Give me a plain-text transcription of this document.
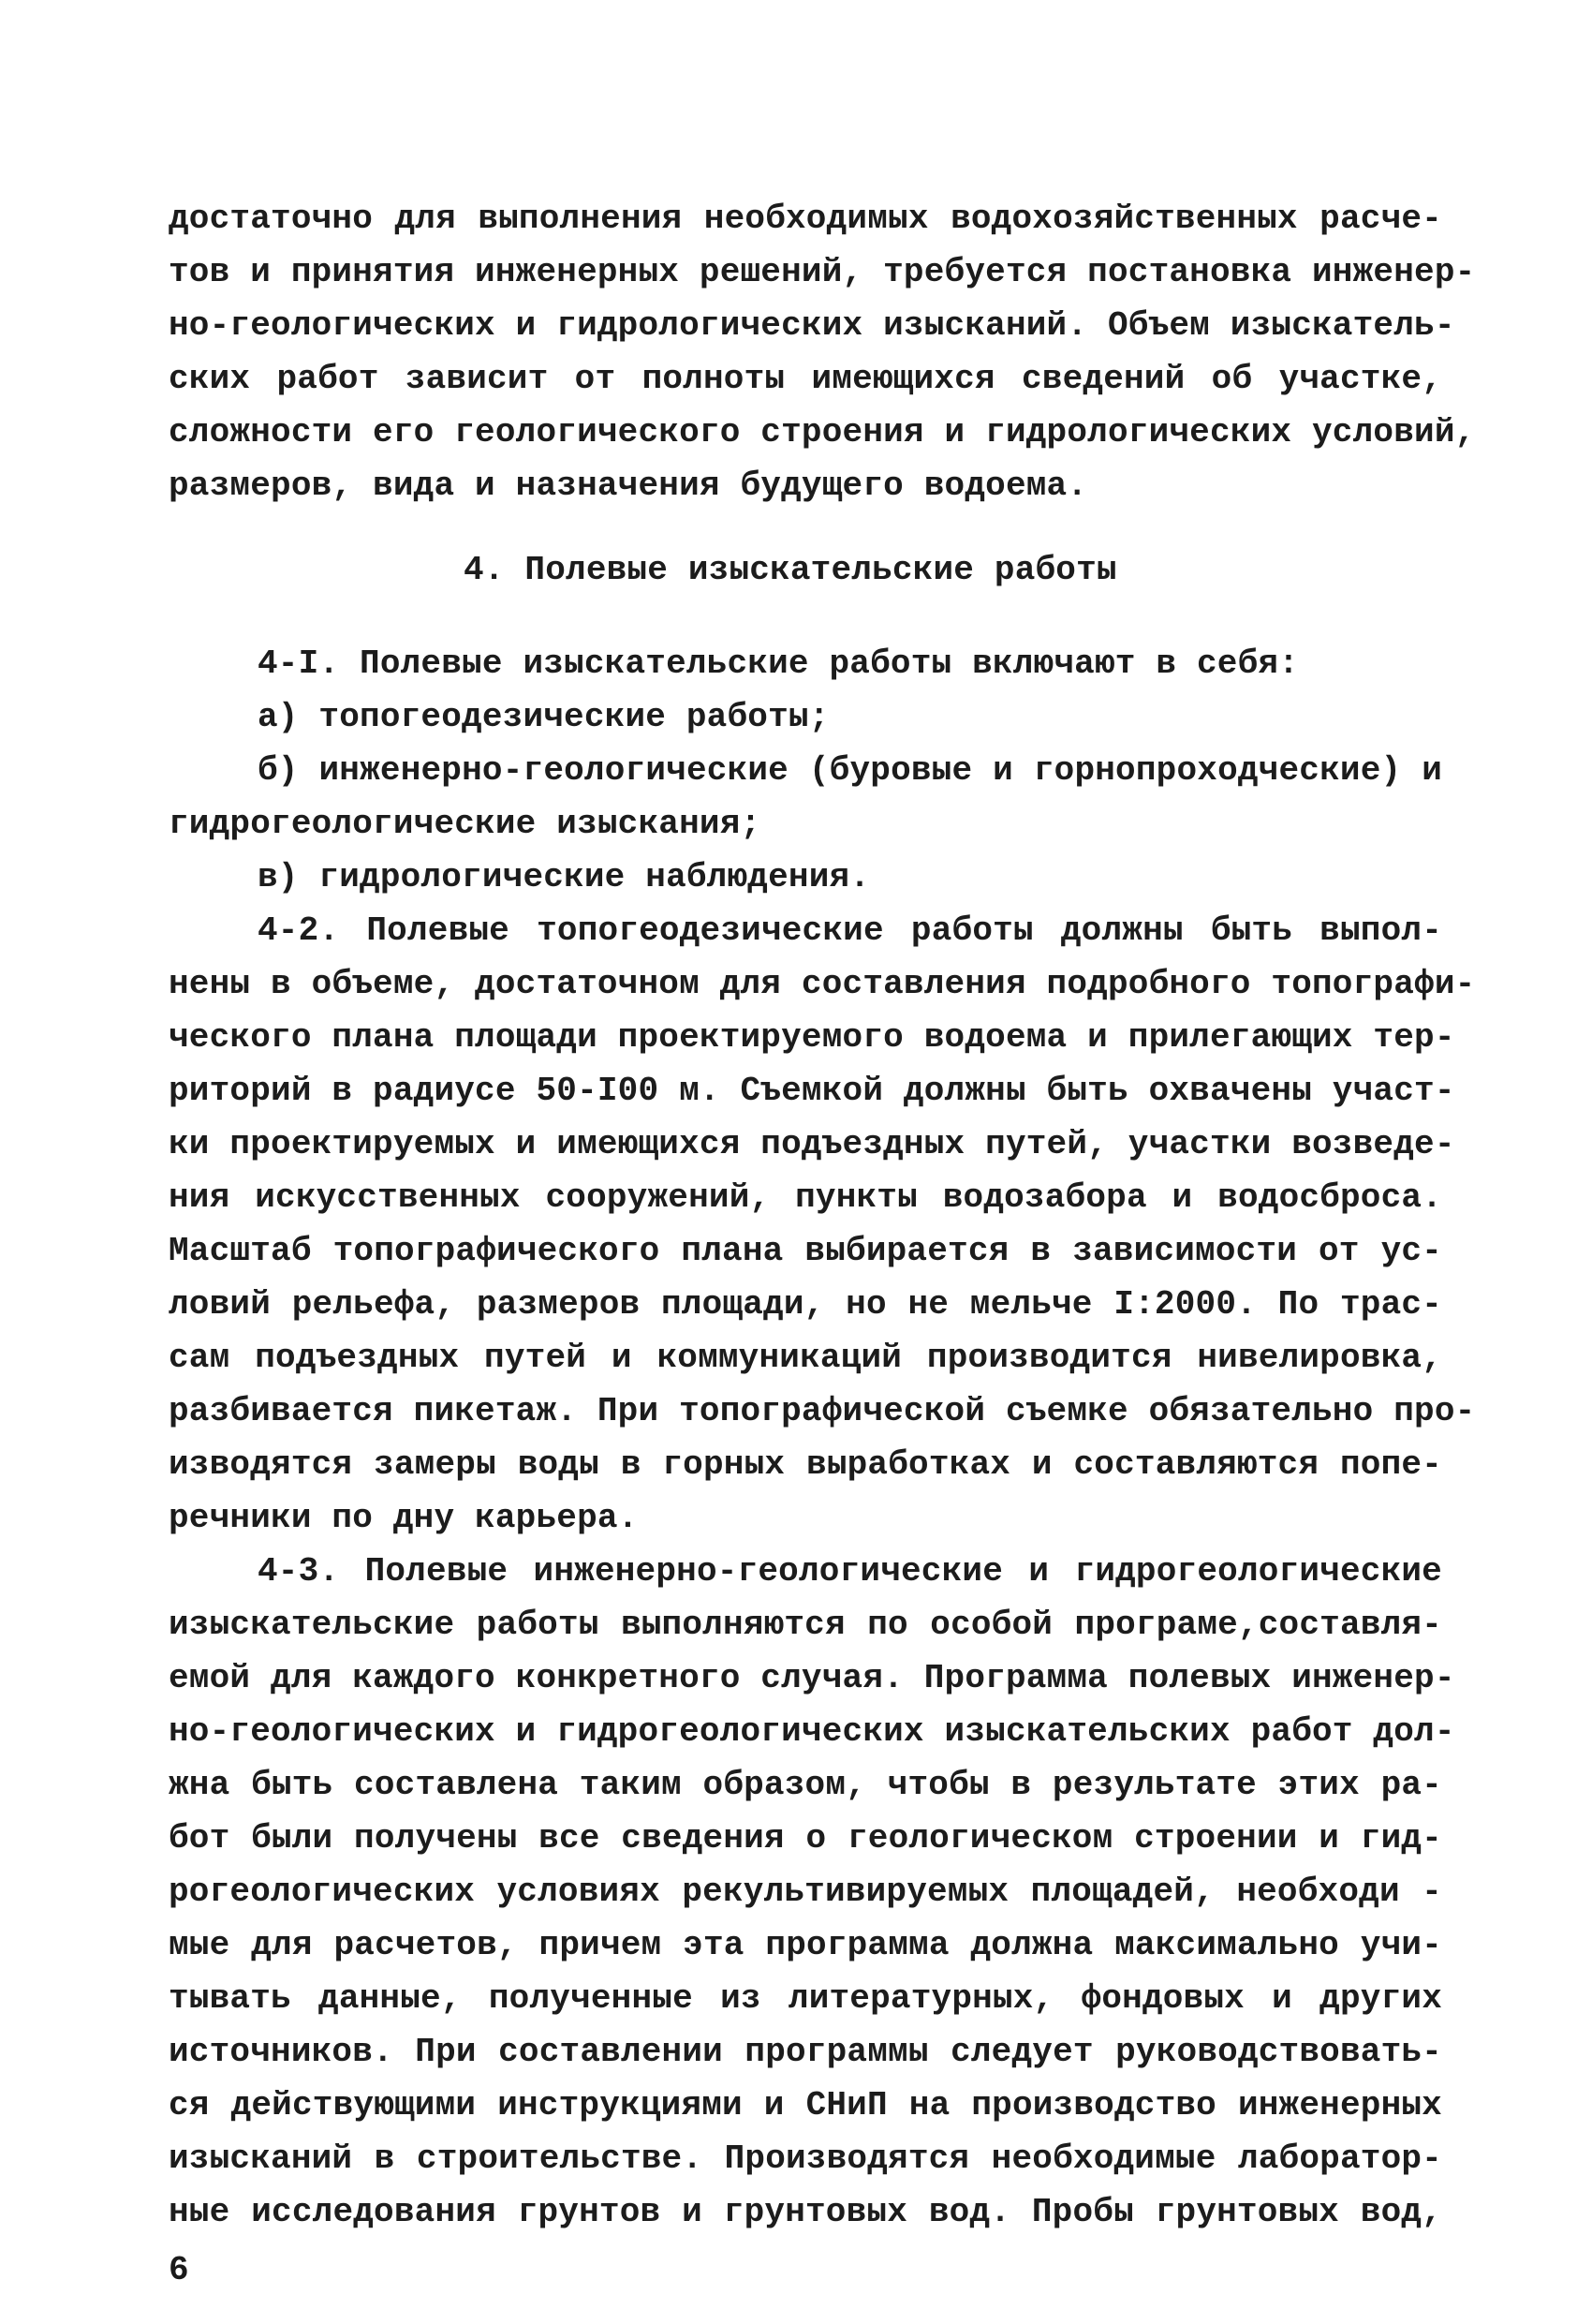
достаточно для выполнения необходимых водохозяйственных расче-
тов и принятия инженерных решений, требуется постановка инженер-
но-геологических и гидрологических изысканий. Объем изыскатель-
ских работ зависит от полноты имеющихся сведений об участке,
сложности его геологического строения и гидрологических условий,
размеров, вида и назначения будущего водоема.
4. Полевые изыскательские работы
4-I. Полевые изыскательские работы включают в себя:
а) топогеодезические работы;
б) инженерно-геологические (буровые и горнопроходческие) и
гидрогеологические изыскания;
в) гидрологические наблюдения.
4-2. Полевые топогеодезические работы должны быть выпол-
нены в объеме, достаточном для составления подробного топографи-
ческого плана площади проектируемого водоема и прилегающих тер-
риторий в радиусе 50-I00 м. Съемкой должны быть охвачены участ-
ки проектируемых и имеющихся подъездных путей, участки возведе-
ния искусственных сооружений, пункты водозабора и водосброса.
Масштаб топографического плана выбирается в зависимости от ус-
ловий рельефа, размеров площади, но не мельче I:2000. По трас-
сам подъездных путей и коммуникаций производится нивелировка,
разбивается пикетаж. При топографической съемке обязательно про-
изводятся замеры воды в горных выработках и составляются попе-
речники по дну карьера.
4-3. Полевые инженерно-геологические и гидрогеологические
изыскательские работы выполняются по особой програме,составля-
емой для каждого конкретного случая. Программа полевых инженер-
но-геологических и гидрогеологических изыскательских работ дол-
жна быть составлена таким образом, чтобы в результате этих ра-
бот были получены все сведения о геологическом строении и гид-
рогеологических условиях рекультивируемых площадей, необходи -
мые для расчетов, причем эта программа должна максимально учи-
тывать данные, полученные из литературных, фондовых и других
источников. При составлении программы следует руководствовать-
ся действующими инструкциями и СНиП на производство инженерных
изысканий в строительстве. Производятся необходимые лаборатор-
ные исследования грунтов и грунтовых вод. Пробы грунтовых вод,
6
